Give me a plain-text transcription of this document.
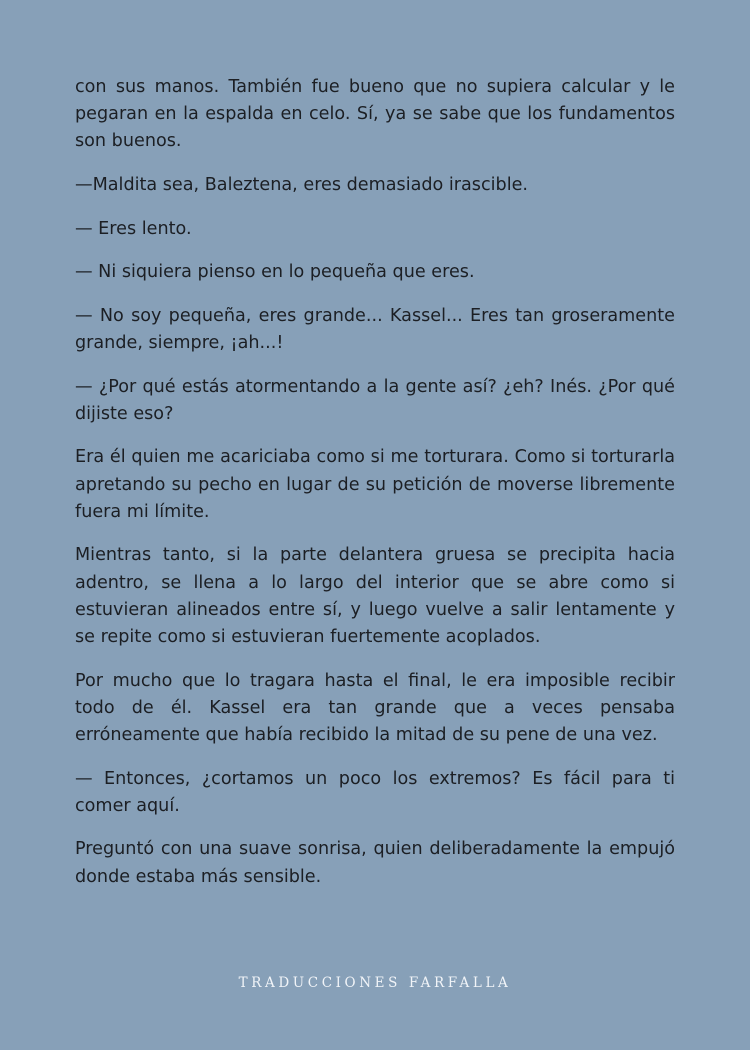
con sus manos. También fue bueno que no supiera calcular y le pegaran en la espalda en celo. Sí, ya se sabe que los fundamentos son buenos.

—Maldita sea, Baleztena, eres demasiado irascible.

— Eres lento.

— Ni siquiera pienso en lo pequeña que eres.

— No soy pequeña, eres grande... Kassel... Eres tan groseramente grande, siempre, ¡ah...!

— ¿Por qué estás atormentando a la gente así? ¿eh? Inés. ¿Por qué dijiste eso?

Era él quien me acariciaba como si me torturara. Como si torturarla apretando su pecho en lugar de su petición de moverse libremente fuera mi límite.

Mientras tanto, si la parte delantera gruesa se precipita hacia adentro, se llena a lo largo del interior que se abre como si estuvieran alineados entre sí, y luego vuelve a salir lentamente y se repite como si estuvieran fuertemente acoplados.

Por mucho que lo tragara hasta el final, le era imposible recibir todo de él. Kassel era tan grande que a veces pensaba erróneamente que había recibido la mitad de su pene de una vez.

— Entonces, ¿cortamos un poco los extremos? Es fácil para ti comer aquí.

Preguntó con una suave sonrisa, quien deliberadamente la empujó donde estaba más sensible.

TRADUCCIONES FARFALLA
